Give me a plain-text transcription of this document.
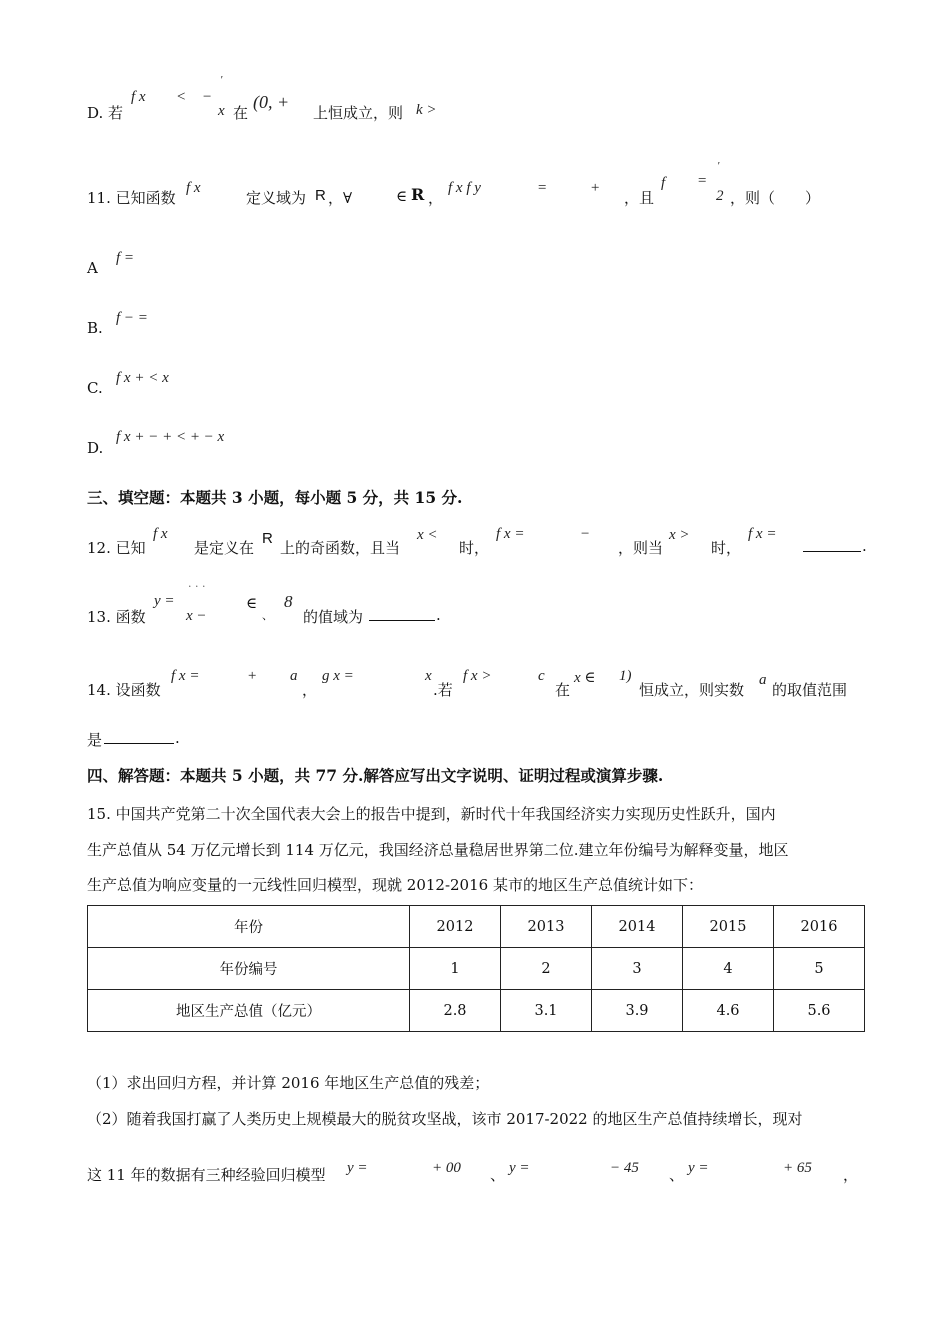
D. 若
f x < −
'
x 在
(0, +
上恒成立，则 k >
11. 已知函数
f x
定义域为 R ，∀	∈ R ，
f x f y	=	+
，且
f =
'
2 ，则（　　）
A
f =
B.
f − =
C.
f x + < x
D.
f x + − + < + − x
三、填空题：本题共 3 小题，每小题 5 分，共 15 分.
12. 已知
f x
是定义在
R
上的奇函数，且当
x <
时，
f x =	−
，则当
x >
时，
f x =
.
13. 函数
y =
· · ·
x −
∈
、
8
的值域为	.
14. 设函数
f x =	+ a
，
g x =	x
.若
f x >	c
在
x ∈ 1)
恒成立，则实数
a
的取值范围
是	.
四、解答题：本题共 5 小题，共 77 分.解答应写出文字说明、证明过程或演算步骤.
15. 中国共产党第二十次全国代表大会上的报告中提到，新时代十年我国经济实力实现历史性跃升，国内
生产总值从 54 万亿元增长到 114 万亿元，我国经济总量稳居世界第二位.建立年份编号为解释变量，地区
生产总值为响应变量的一元线性回归模型，现就 2012-2016 某市的地区生产总值统计如下：
年份	2012	2013	2014	2015	2016
年份编号	1	2	3	4	5
地区生产总值（亿元）	2.8	3.1	3.9	4.6	5.6
（1）求出回归方程，并计算 2016 年地区生产总值的残差；
（2）随着我国打赢了人类历史上规模最大的脱贫攻坚战，该市 2017-2022 的地区生产总值持续增长，现对
这 11 年的数据有三种经验回归模型 y =	+ 00 、 y =	− 45 、 y =	+ 65 ，
